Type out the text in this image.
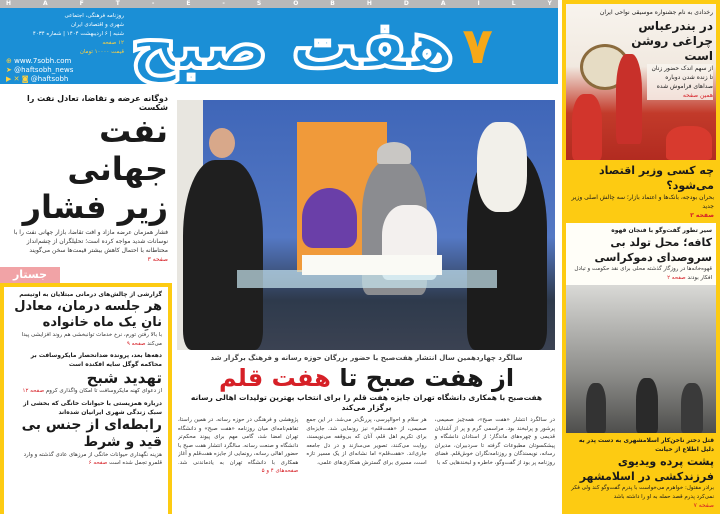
H	A	F	T	-	E	-	S	O	B	H	D	A	I	L	Y
روزنامه فرهنگی، اجتماعی
شهری و اقتصادی ایران
شنبه | ۶ اردیبهشت ۱۴۰۴ | شماره ۴۰۳۴
۱۲ صفحه
قیمت ۱۰۰۰۰ تومان
⊕ www.7sobh.com
➤ @haftsobh_news
▶ ✕ ◙ @haftsobh هفت صبح ۷
دوگانه عرضه و تقاضا، تعادل نفت را شکست
نفت جهانی
زیر فشار
فشار همزمان عرضه مازاد و افت تقاضا، بازار جهانی نفت را با نوسانات شدید مواجه کرده است؛ تحلیلگران از چشم‌انداز محتاطانه با احتمال کاهش بیشتر قیمت‌ها سخن می‌گویند
صفحه ۳
جستار
گزارشی از چالش‌های درمانی مبتلایان به اوتیسم
هر جلسه درمان، معادل نانِ یک ماه خانواده
با بالا رفتن تورم، نرخ خدمات توانبخشی هم روند افزایشی پیدا می‌کند صفحه ۹
دهه‌ها بعد، پرونده ضدانحصار مایکروسافت بر محاکمه گوگل سایه افکنده است
تهدید شبح
از دعوای کهنه مایکروسافت تا امکان واگذاری کروم صفحه ۱۲
درباره همزیستی با حیوانات خانگی که بخشی از سبک زندگی شهری ایرانیان شده‌اند
رابطه‌ای از جنس بی قید و شرط
هزینه نگهداری حیوانات خانگی از مرزهای عادی گذشته و وارد قلمرو تجمل شده است صفحه ۶
سالگرد چهاردهمین سال انتشار هفت‌صبح با حضور بزرگان حوزه رسانه و فرهنگ برگزار شد
از هفت صبح تا هفت قلم
هفت‌صبح با همکاری دانشگاه تهران جایزه هفت قلم را برای انتخاب بهترین تولیدات اهالی رسانه برگزار می‌کند
در سالگرد انتشار «هفت صبح»، همه‌چیز صمیمی، پرشور و پرلبخند بود. مراسمی گرم و پر از آشنایان قدیمی و چهره‌های ماندگار؛ از استادان دانشگاه و پیشکسوتان مطبوعات گرفته تا سردبیران، مدیران رسانه، نویسندگان و روزنامه‌نگاران خوش‌قلم. فضای روزنامه پر بود از گفت‌وگو، خاطره و لبخندهایی که با
هر سلام و احوالپرسی، پررنگ‌تر می‌شد. در این جمع صمیمی، از «هفت‌قلم» نیز رونمایی شد. جایزه‌ای برای تکریم اهل قلم، آنان که بی‌وقفه می‌نویسند، روایت می‌کنند، تصویر می‌سازند و در دل جامعه جاری‌اند. «هفت‌قلم» اما نشانه‌ای از یک مسیر تازه است، مسیری برای گسترش همکاری‌های علمی،
پژوهشی و فرهنگی در حوزه رسانه. در همین راستا، تفاهم‌نامه‌ای میان روزنامه «هفت صبح» و دانشگاه تهران امضا شد، گامی مهم برای پیوند محکم‌تر دانشگاه و صنعت رسانه. سالگرد انتشار هفت صبح با حضور اهالی رسانه، رونمایی از جایزه هفت‌قلم و آغاز همکاری با دانشگاه تهران به یادماندنی شد. صفحه‌های ۴ و ۵
رخدادی به نام جشنواره موسیقی نواحی ایران
در بندرعباس چراغی روشن است
از سهم اندک حضور زنان تا زنده شدن دوباره صداهای فراموش شده همین صفحه
چه کسی وزیر اقتصاد می‌شود؟
بحران بودجه، بانک‌ها و اعتماد بازار؛ سه چالش اصلی وزیر جدید
صفحه ۳
سیر تطور گفت‌وگو با فنجان قهوه
کافه؛ محل تولد بی سروصدای دموکراسی
قهوه‌خانه‌ها در روزگار گذشته محلی برای نقد حکومت و تبادل افکار بودند صفحه ۲
قتل دختر ناخن‌کار اسلامشهری به دست پدر به دلیل اطلاع از خیانت
پشت پرده ویدیوی فرزندکشی در اسلامشهر
برادر مقتول: خواهرم می‌خواست با پدرم گفت‌وگو کند ولی فکر نمی‌کرد پدرم قصد حمله به او را داشته باشد
صفحه ۷
